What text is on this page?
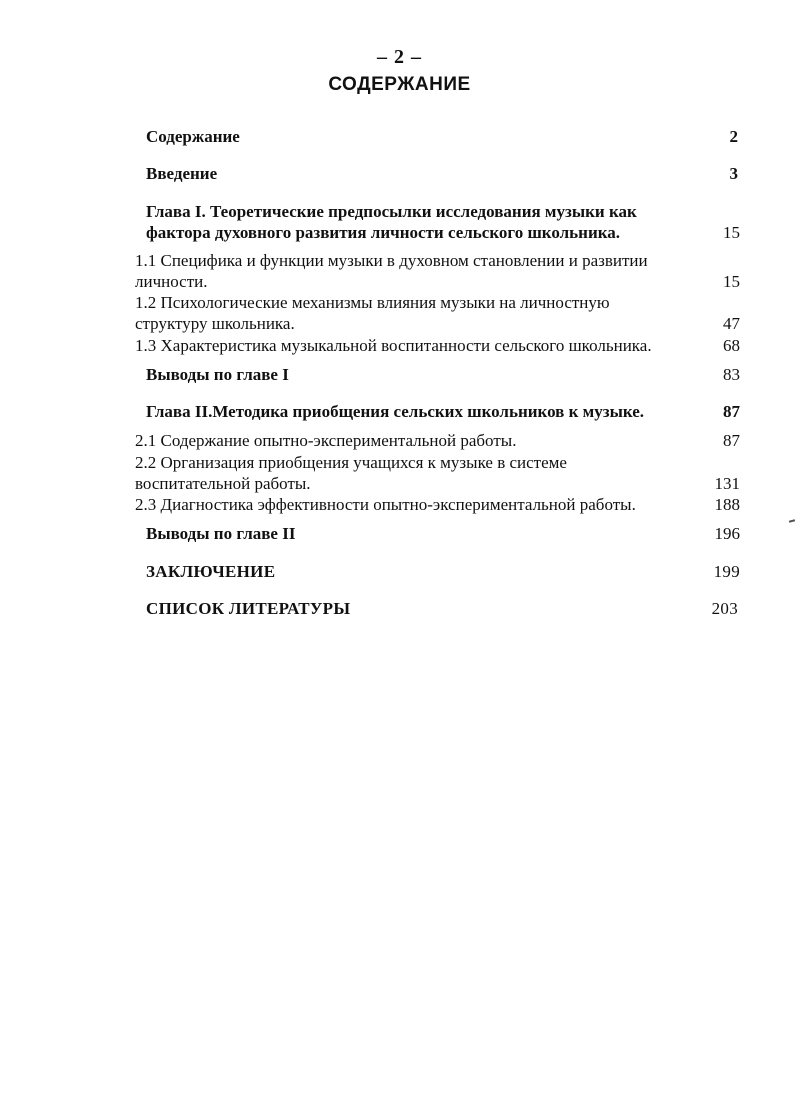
– 2 –
СОДЕРЖАНИЕ
Содержание	2
Введение	3
Глава I. Теоретические предпосылки исследования музыки как
фактора духовного развития личности сельского школьника.	15
1.1 Специфика и функции музыки в духовном становлении и развитии
личности.	15
1.2 Психологические механизмы влияния музыки на личностную
структуру школьника.	47
1.3 Характеристика музыкальной воспитанности сельского школьника.	68
Выводы по главе I	83
Глава II.Методика приобщения сельских школьников к музыке.	87
2.1 Содержание опытно-экспериментальной работы.	87
2.2 Организация приобщения учащихся к музыке в системе
воспитательной работы.	131
2.3 Диагностика эффективности опытно-экспериментальной работы.	188
Выводы по главе II	196
ЗАКЛЮЧЕНИЕ	199
СПИСОК ЛИТЕРАТУРЫ	203
